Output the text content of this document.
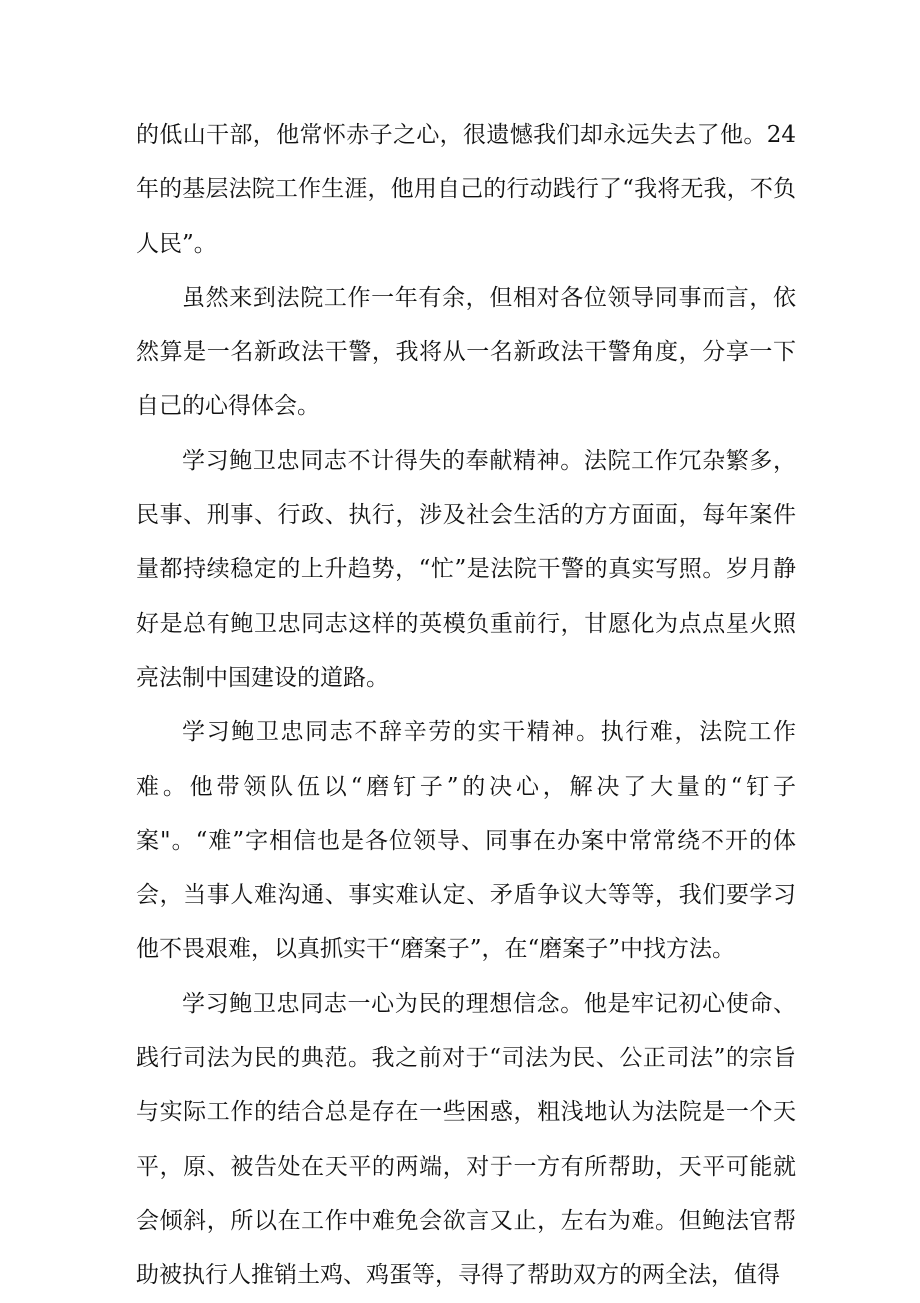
的低山干部，他常怀赤子之心，很遗憾我们却永远失去了他。24年的基层法院工作生涯，他用自己的行动践行了“我将无我，不负人民”。

虽然来到法院工作一年有余，但相对各位领导同事而言，依然算是一名新政法干警，我将从一名新政法干警角度，分享一下自己的心得体会。

学习鲍卫忠同志不计得失的奉献精神。法院工作冗杂繁多，民事、刑事、行政、执行，涉及社会生活的方方面面，每年案件量都持续稳定的上升趋势，“忙”是法院干警的真实写照。岁月静好是总有鲍卫忠同志这样的英模负重前行，甘愿化为点点星火照亮法制中国建设的道路。

学习鲍卫忠同志不辞辛劳的实干精神。执行难，法院工作难。他带领队伍以“磨钉子”的决心，解决了大量的“钉子案"。“难”字相信也是各位领导、同事在办案中常常绕不开的体会，当事人难沟通、事实难认定、矛盾争议大等等，我们要学习他不畏艰难，以真抓实干“磨案子”，在“磨案子”中找方法。

学习鲍卫忠同志一心为民的理想信念。他是牢记初心使命、践行司法为民的典范。我之前对于“司法为民、公正司法”的宗旨与实际工作的结合总是存在一些困惑，粗浅地认为法院是一个天平，原、被告处在天平的两端，对于一方有所帮助，天平可能就会倾斜，所以在工作中难免会欲言又止，左右为难。但鲍法官帮助被执行人推销土鸡、鸡蛋等，寻得了帮助双方的两全法，值得
